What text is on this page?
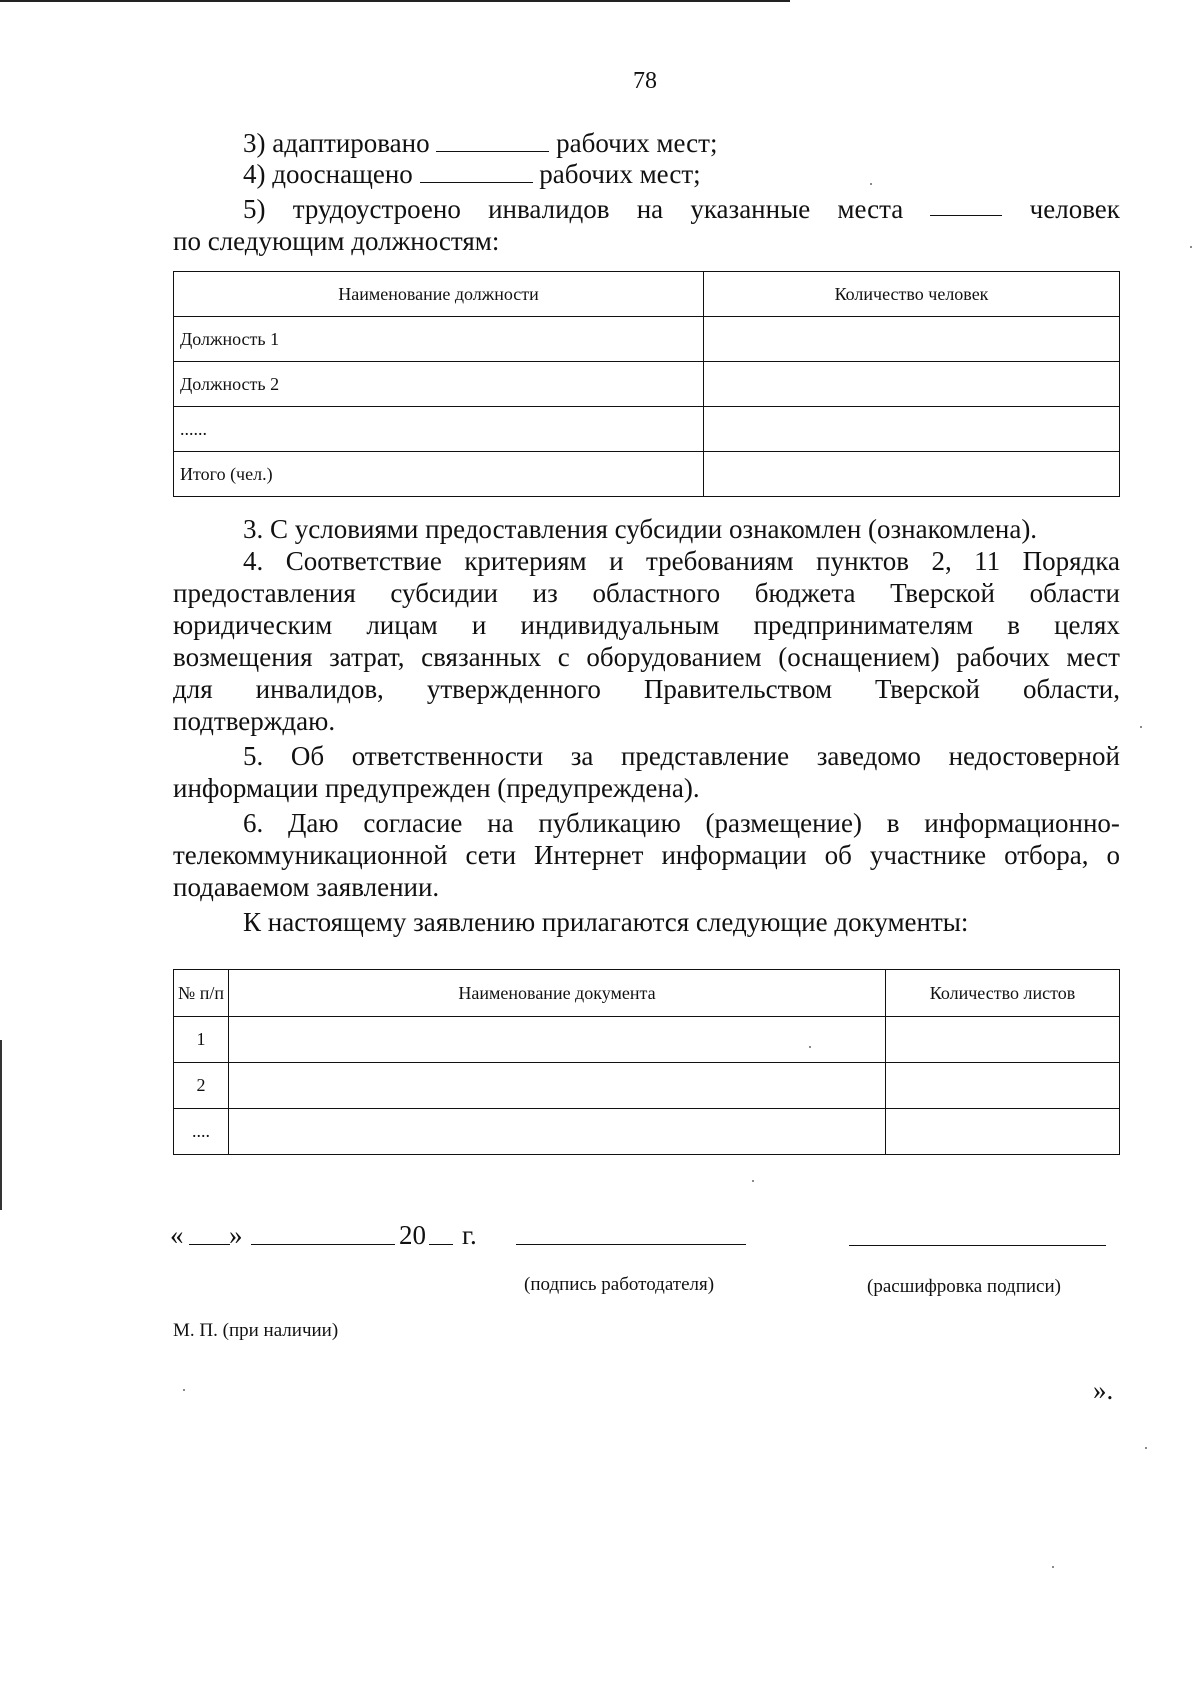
78
3) адаптировано	рабочих мест;
4) дооснащено	рабочих мест;
5) трудоустроено инвалидов на указанные места	человек
по следующим должностям:
Наименование должности	Количество человек
Должность 1	
Должность 2	
......	
Итого (чел.)	
3. С условиями предоставления субсидии ознакомлен (ознакомлена).
4. Соответствие критериям и требованиям пунктов 2, 11 Порядка
предоставления субсидии из областного бюджета Тверской области
юридическим лицам и индивидуальным предпринимателям в целях
возмещения затрат, связанных с оборудованием (оснащением) рабочих мест
для инвалидов, утвержденного Правительством Тверской области,
подтверждаю.
5. Об ответственности за представление заведомо недостоверной
информации предупрежден (предупреждена).
6. Даю согласие на публикацию (размещение) в информационно-
телекоммуникационной сети Интернет информации об участнике отбора, о
подаваемом заявлении.
К настоящему заявлению прилагаются следующие документы:
№ п/п	Наименование документа	Количество листов
1		
2		
....		
« »	20 г.
(подпись работодателя)	(расшифровка подписи)
М. П. (при наличии)
».
